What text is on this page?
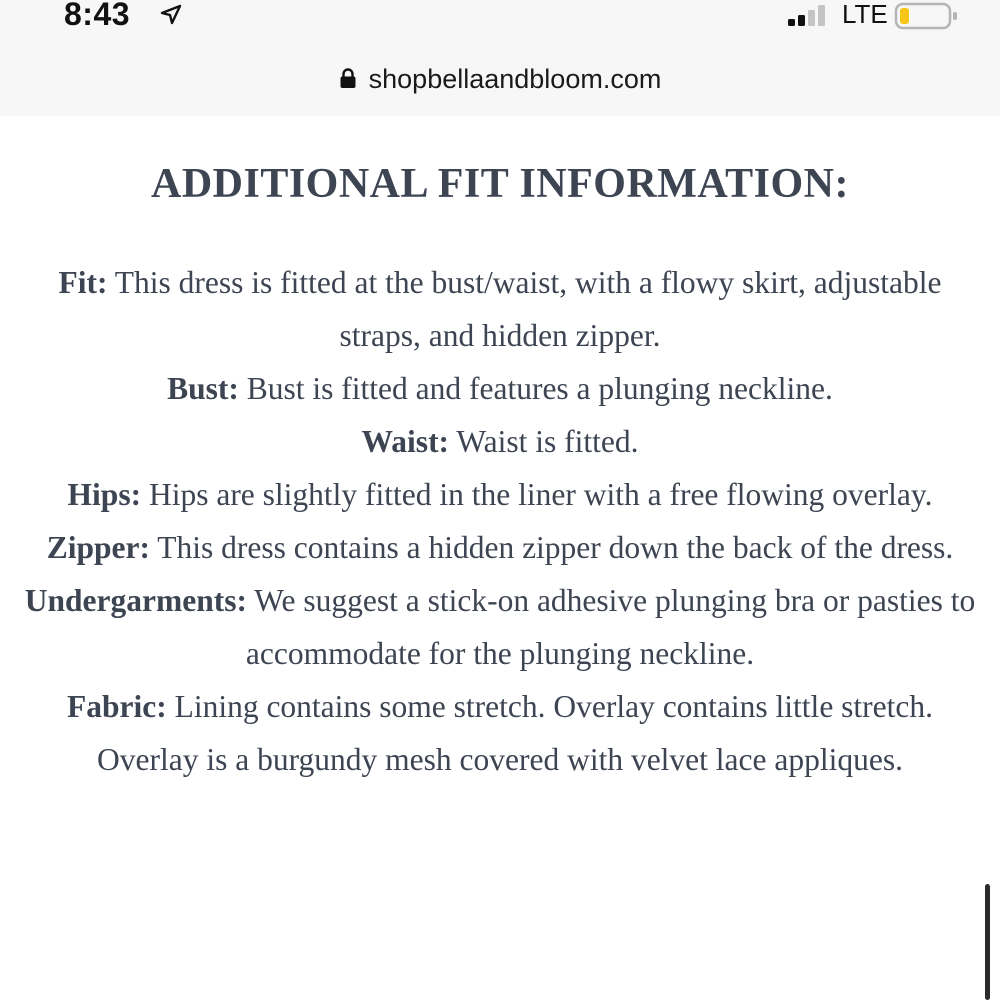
8:43	LTE
shopbellaandbloom.com
ADDITIONAL FIT INFORMATION:

Fit: This dress is fitted at the bust/waist, with a flowy skirt, adjustable straps, and hidden zipper.

Bust: Bust is fitted and features a plunging neckline.

Waist: Waist is fitted.

Hips: Hips are slightly fitted in the liner with a free flowing overlay.

Zipper: This dress contains a hidden zipper down the back of the dress.

Undergarments: We suggest a stick-on adhesive plunging bra or pasties to accommodate for the plunging neckline.

Fabric: Lining contains some stretch. Overlay contains little stretch. Overlay is a burgundy mesh covered with velvet lace appliques.
